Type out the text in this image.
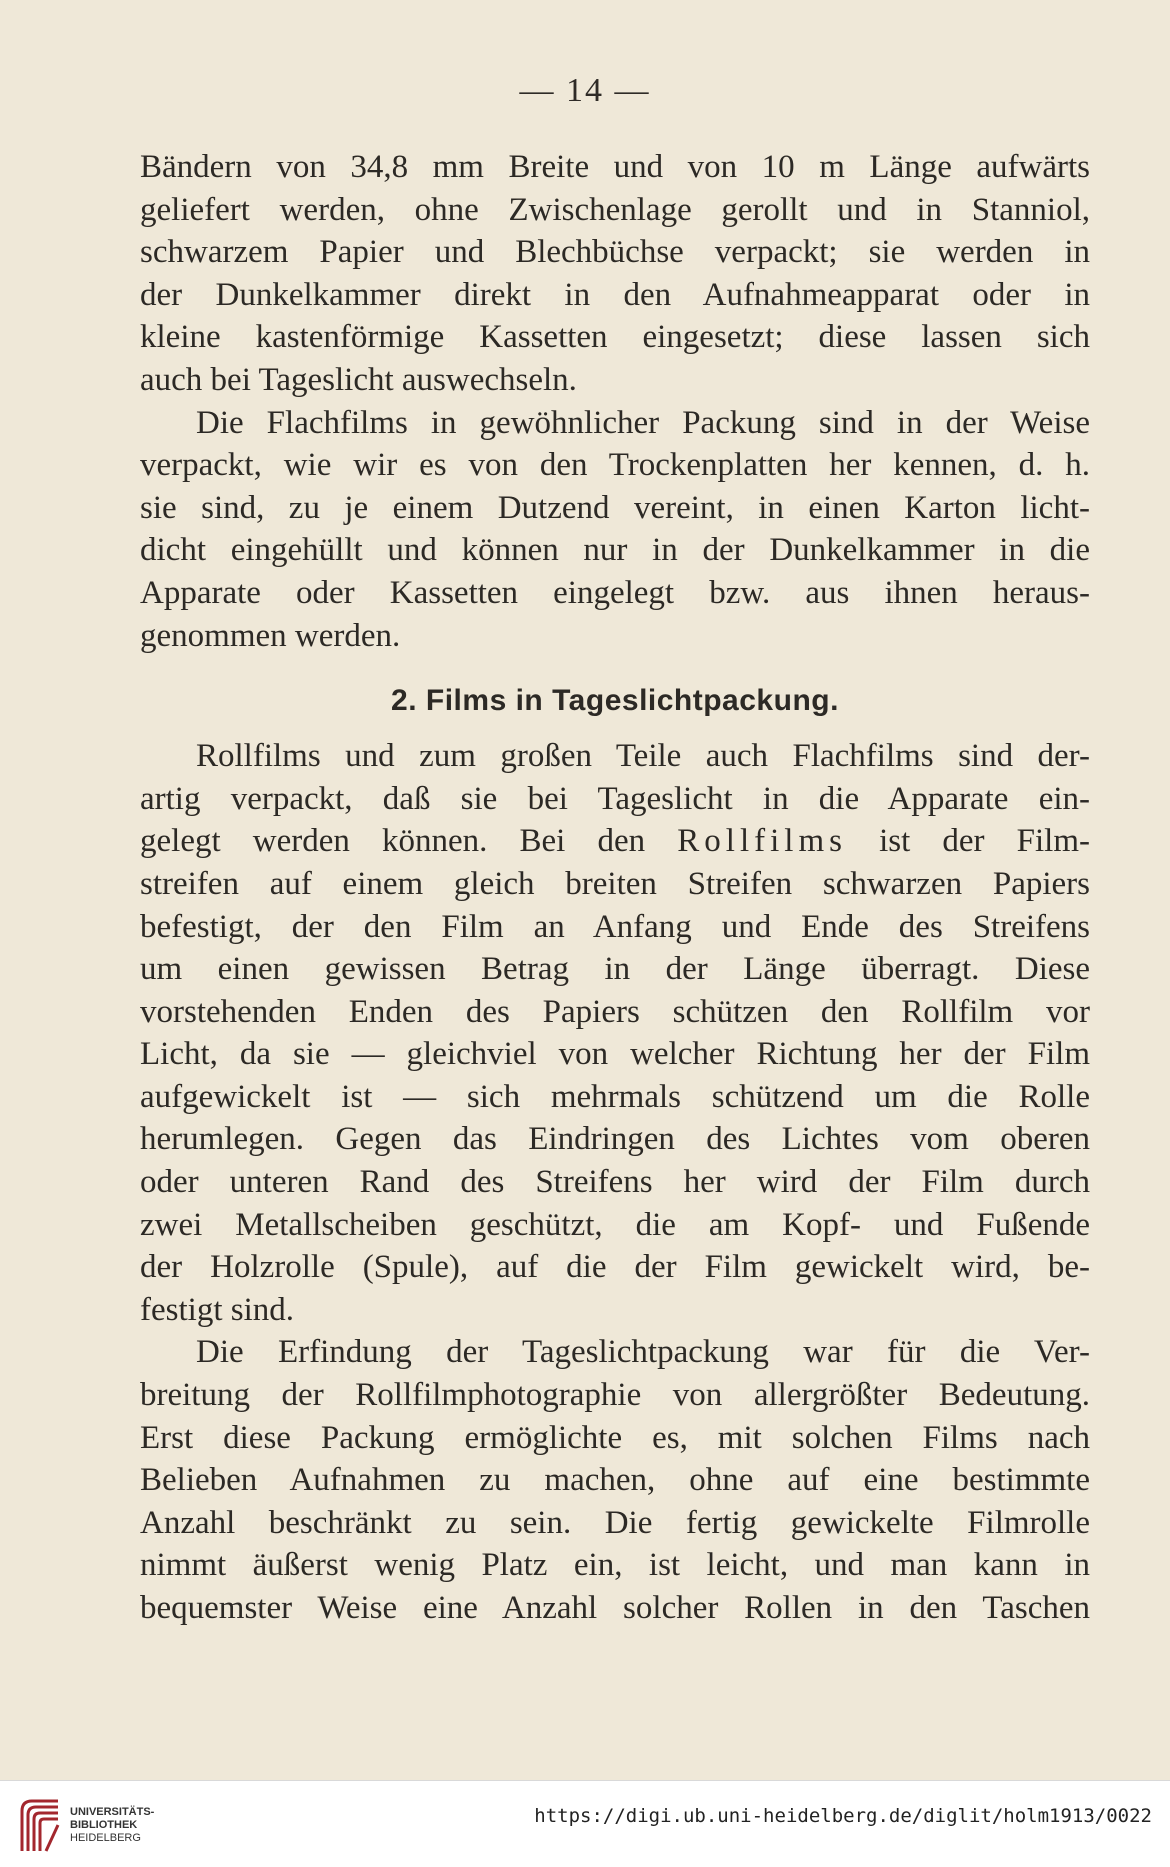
— 14 —
Bändern von 34,8 mm Breite und von 10 m Länge aufwärts
geliefert werden, ohne Zwischenlage gerollt und in Stanniol,
schwarzem Papier und Blechbüchse verpackt; sie werden in
der Dunkelkammer direkt in den Aufnahmeapparat oder in
kleine kastenförmige Kassetten eingesetzt; diese lassen sich
auch bei Tageslicht auswechseln.
Die Flachfilms in gewöhnlicher Packung sind in der Weise
verpackt, wie wir es von den Trockenplatten her kennen, d. h.
sie sind, zu je einem Dutzend vereint, in einen Karton licht-
dicht eingehüllt und können nur in der Dunkelkammer in die
Apparate oder Kassetten eingelegt bzw. aus ihnen heraus-
genommen werden.
2. Films in Tageslichtpackung.
Rollfilms und zum großen Teile auch Flachfilms sind der-
artig verpackt, daß sie bei Tageslicht in die Apparate ein-
gelegt werden können. Bei den Rollfilms ist der Film-
streifen auf einem gleich breiten Streifen schwarzen Papiers
befestigt, der den Film an Anfang und Ende des Streifens
um einen gewissen Betrag in der Länge überragt. Diese
vorstehenden Enden des Papiers schützen den Rollfilm vor
Licht, da sie — gleichviel von welcher Richtung her der Film
aufgewickelt ist — sich mehrmals schützend um die Rolle
herumlegen. Gegen das Eindringen des Lichtes vom oberen
oder unteren Rand des Streifens her wird der Film durch
zwei Metallscheiben geschützt, die am Kopf- und Fußende
der Holzrolle (Spule), auf die der Film gewickelt wird, be-
festigt sind.
Die Erfindung der Tageslichtpackung war für die Ver-
breitung der Rollfilmphotographie von allergrößter Bedeutung.
Erst diese Packung ermöglichte es, mit solchen Films nach
Belieben Aufnahmen zu machen, ohne auf eine bestimmte
Anzahl beschränkt zu sein. Die fertig gewickelte Filmrolle
nimmt äußerst wenig Platz ein, ist leicht, und man kann in
bequemster Weise eine Anzahl solcher Rollen in den Taschen
UNIVERSITÄTS-
BIBLIOTHEK
HEIDELBERG
https://digi.ub.uni-heidelberg.de/diglit/holm1913/0022
